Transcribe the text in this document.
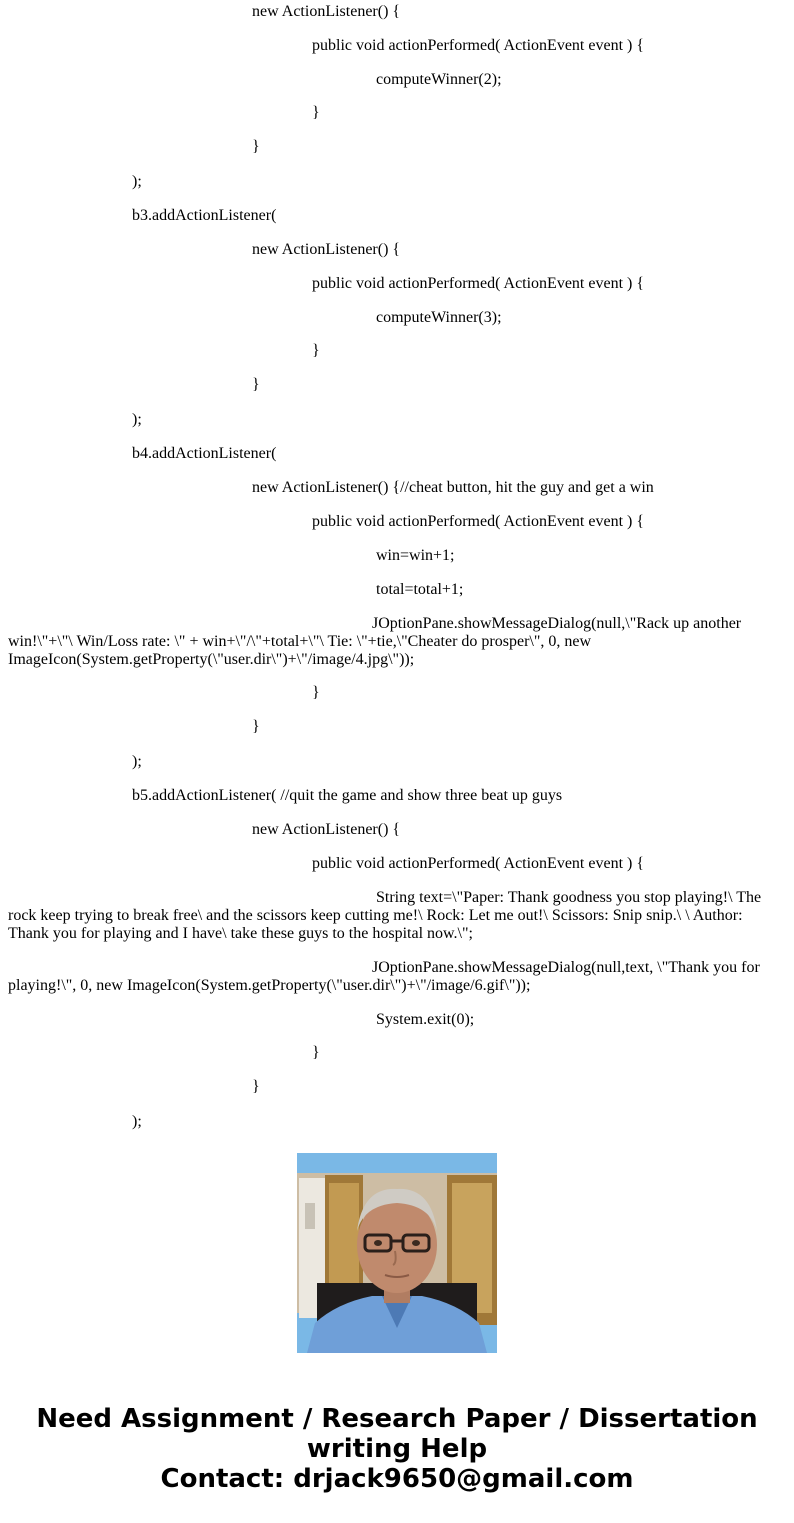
new ActionListener() {
public void actionPerformed( ActionEvent event ) {
computeWinner(2);
}
}
);
b3.addActionListener(
new ActionListener() {
public void actionPerformed( ActionEvent event ) {
computeWinner(3);
}
}
);
b4.addActionListener(
new ActionListener() {//cheat button, hit the guy and get a win
public void actionPerformed( ActionEvent event ) {
win=win+1;
total=total+1;
JOptionPane.showMessageDialog(null,\"Rack up another win!\"+\"\ Win/Loss rate: \" + win+\"/\"+total+\"\ Tie: \"+tie,\"Cheater do prosper\", 0, new ImageIcon(System.getProperty(\"user.dir\")+\"/image/4.jpg\"));
}
}
);
b5.addActionListener( //quit the game and show three beat up guys
new ActionListener() {
public void actionPerformed( ActionEvent event ) {
String text=\"Paper: Thank goodness you stop playing!\ The rock keep trying to break free\ and the scissors keep cutting me!\ Rock: Let me out!\ Scissors: Snip snip.\ \ Author: Thank you for playing and I have\ take these guys to the hospital now.\";
JOptionPane.showMessageDialog(null,text, \"Thank you for playing!\", 0, new ImageIcon(System.getProperty(\"user.dir\")+\"/image/6.gif\"));
System.exit(0);
}
}
);
Need Assignment / Research Paper / Dissertation
writing Help
Contact: drjack9650@gmail.com
